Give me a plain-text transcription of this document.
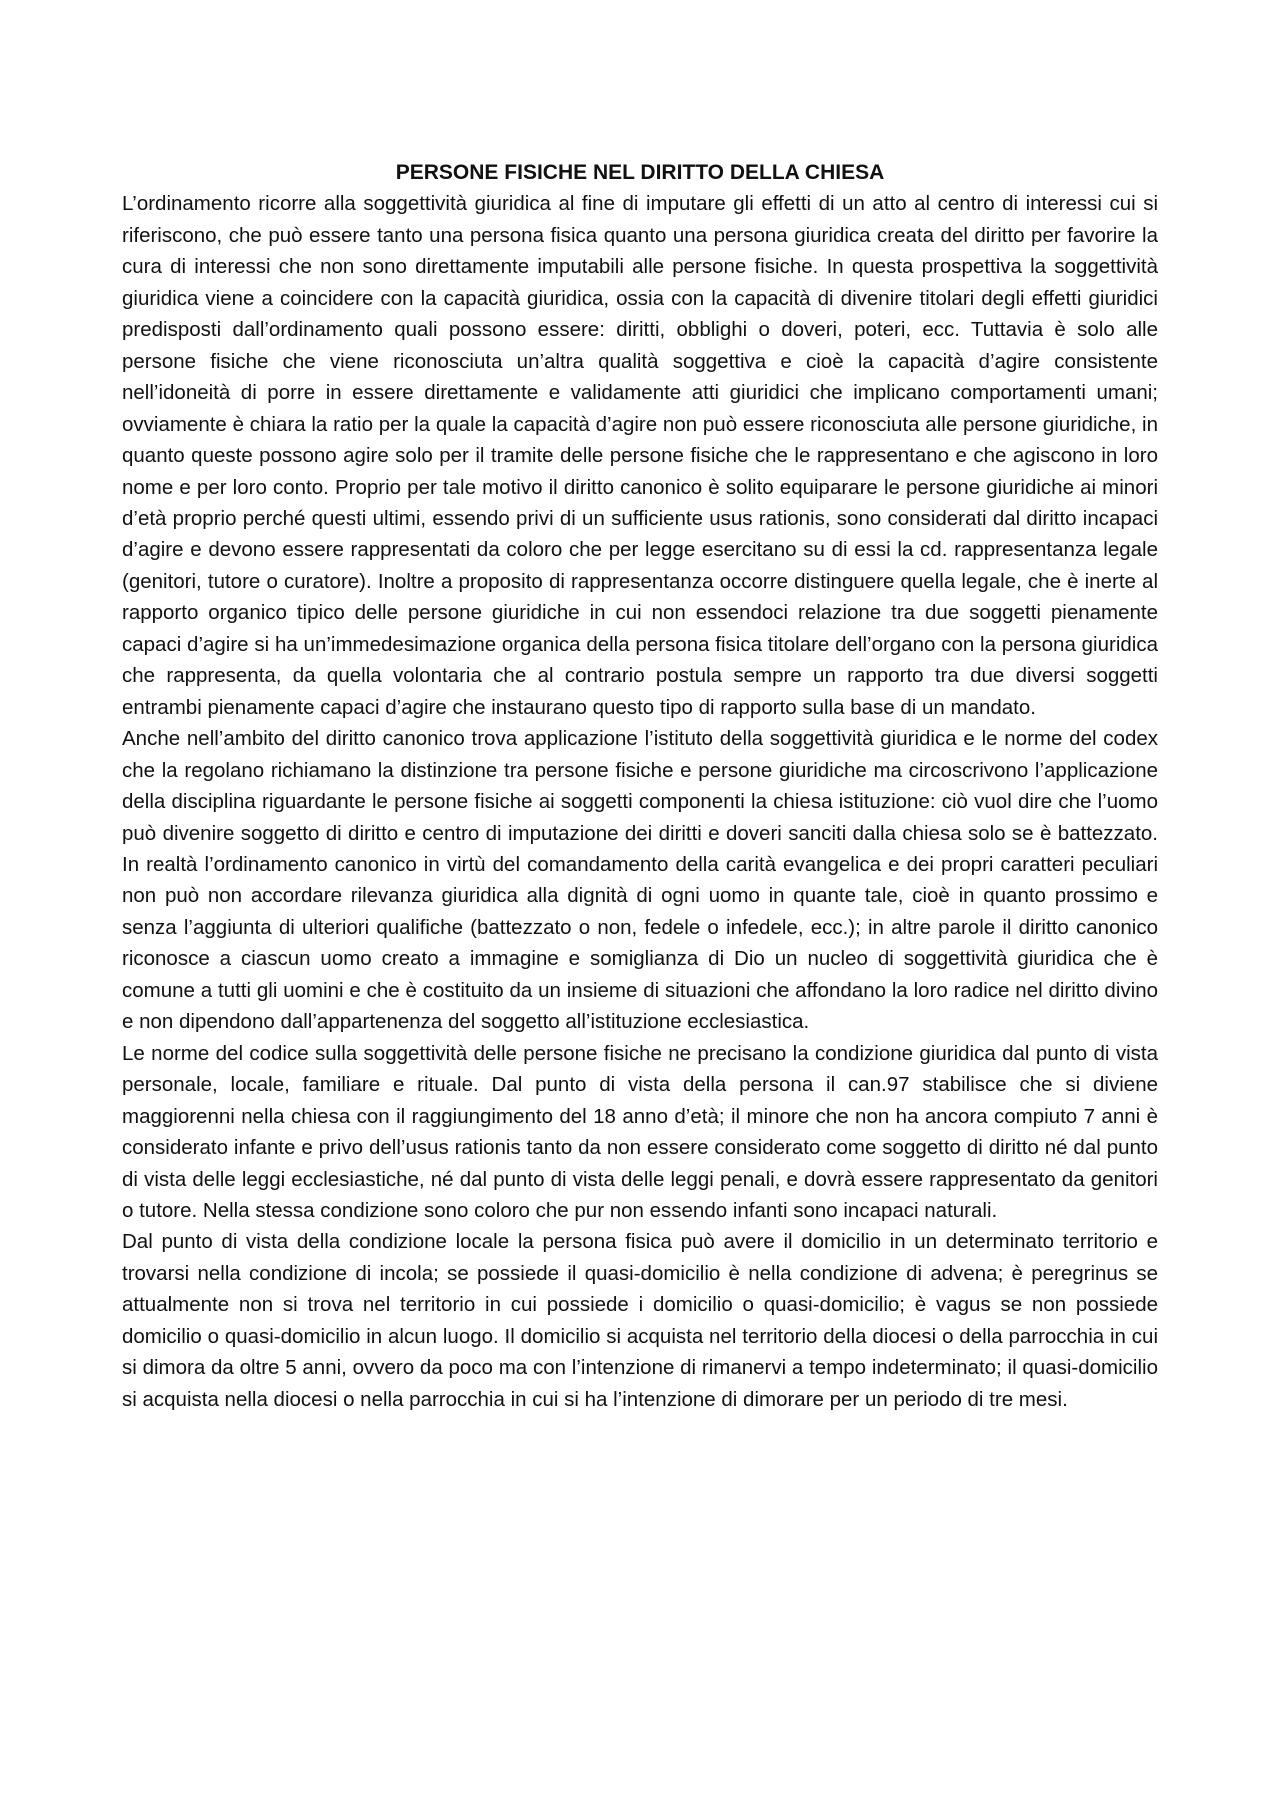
PERSONE FISICHE NEL DIRITTO DELLA CHIESA

L’ordinamento ricorre alla soggettività giuridica al fine di imputare gli effetti di un atto al centro di interessi cui si riferiscono, che può essere tanto una persona fisica quanto una persona giuridica creata del diritto per favorire la cura di interessi che non sono direttamente imputabili alle persone fisiche. In questa prospettiva la soggettività giuridica viene a coincidere con la capacità giuridica, ossia con la capacità di divenire titolari degli effetti giuridici predisposti dall’ordinamento quali possono essere: diritti, obblighi o doveri, poteri, ecc. Tuttavia è solo alle persone fisiche che viene riconosciuta un’altra qualità soggettiva e cioè la capacità d’agire consistente nell’idoneità di porre in essere direttamente e validamente atti giuridici che implicano comportamenti umani; ovviamente è chiara la ratio per la quale la capacità d’agire non può essere riconosciuta alle persone giuridiche, in quanto queste possono agire solo per il tramite delle persone fisiche che le rappresentano e che agiscono in loro nome e per loro conto. Proprio per tale motivo il diritto canonico è solito equiparare le persone giuridiche ai minori d’età proprio perché questi ultimi, essendo privi di un sufficiente usus rationis, sono considerati dal diritto incapaci d’agire e devono essere rappresentati da coloro che per legge esercitano su di essi la cd. rappresentanza legale (genitori, tutore o curatore). Inoltre a proposito di rappresentanza occorre distinguere quella legale, che è inerte al rapporto organico tipico delle persone giuridiche in cui non essendoci relazione tra due soggetti pienamente capaci d’agire si ha un’immedesimazione organica della persona fisica titolare dell’organo con la persona giuridica che rappresenta, da quella volontaria che al contrario postula sempre un rapporto tra due diversi soggetti entrambi pienamente capaci d’agire che instaurano questo tipo di rapporto sulla base di un mandato.

Anche nell’ambito del diritto canonico trova applicazione l’istituto della soggettività giuridica e le norme del codex che la regolano richiamano la distinzione tra persone fisiche e persone giuridiche ma circoscrivono l’applicazione della disciplina riguardante le persone fisiche ai soggetti componenti la chiesa istituzione: ciò vuol dire che l’uomo può divenire soggetto di diritto e centro di imputazione dei diritti e doveri sanciti dalla chiesa solo se è battezzato. In realtà l’ordinamento canonico in virtù del comandamento della carità evangelica e dei propri caratteri peculiari non può non accordare rilevanza giuridica alla dignità di ogni uomo in quante tale, cioè in quanto prossimo e senza l’aggiunta di ulteriori qualifiche (battezzato o non, fedele o infedele, ecc.); in altre parole il diritto canonico riconosce a ciascun uomo creato a immagine e somiglianza di Dio un nucleo di soggettività giuridica che è comune a tutti gli uomini e che è costituito da un insieme di situazioni che affondano la loro radice nel diritto divino e non dipendono dall’appartenenza del soggetto all’istituzione ecclesiastica.

Le norme del codice sulla soggettività delle persone fisiche ne precisano la condizione giuridica dal punto di vista personale, locale, familiare e rituale. Dal punto di vista della persona il can.97 stabilisce che si diviene maggiorenni nella chiesa con il raggiungimento del 18 anno d’età; il minore che non ha ancora compiuto 7 anni è considerato infante e privo dell’usus rationis tanto da non essere considerato come soggetto di diritto né dal punto di vista delle leggi ecclesiastiche, né dal punto di vista delle leggi penali, e dovrà essere rappresentato da genitori o tutore. Nella stessa condizione sono coloro che pur non essendo infanti sono incapaci naturali.

Dal punto di vista della condizione locale la persona fisica può avere il domicilio in un determinato territorio e trovarsi nella condizione di incola; se possiede il quasi-domicilio è nella condizione di advena; è peregrinus se attualmente non si trova nel territorio in cui possiede i domicilio o quasi-domicilio; è vagus se non possiede domicilio o quasi-domicilio in alcun luogo. Il domicilio si acquista nel territorio della diocesi o della parrocchia in cui si dimora da oltre 5 anni, ovvero da poco ma con l’intenzione di rimanervi a tempo indeterminato; il quasi-domicilio si acquista nella diocesi o nella parrocchia in cui si ha l’intenzione di dimorare per un periodo di tre mesi.
